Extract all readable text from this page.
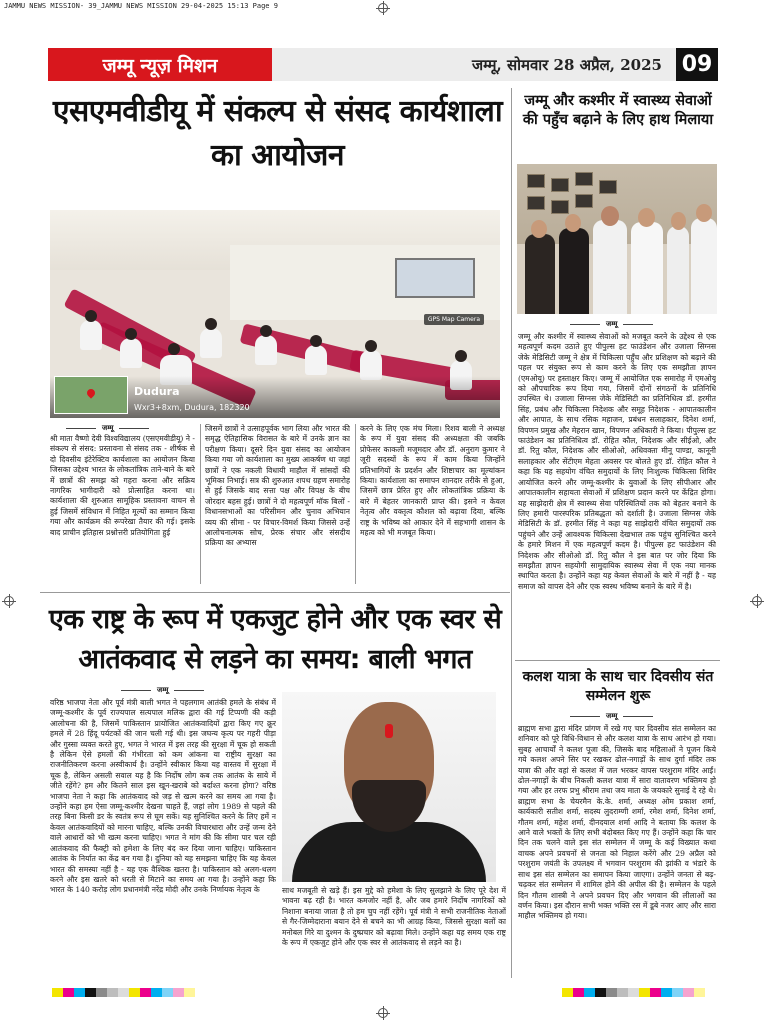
JAMMU NEWS MISSION- 39_JAMMU NEWS MISSION 29-04-2025 15:13 Page 9
जम्मू न्यूज़ मिशन	जम्मू, सोमवार 28 अप्रैल, 2025 09
एसएमवीडीयू में संकल्प से संसद कार्यशाला का आयोजन
Dudura
Wxr3+8xm, Dudura, 182320
GPS Map Camera
जम्मू
श्री माता वैष्णो देवी विश्वविद्यालय (एसएमवीडीयू) ने - संकल्प से संसद: प्रस्तावना से संसद तक - शीर्षक से दो दिवसीय इंटेरेक्टिव कार्यशाला का आयोजन किया जिसका उद्देश्य भारत के लोकतांत्रिक ताने-बाने के बारे में छात्रों की समझ को गहरा करना और सक्रिय नागरिक भागीदारी को प्रोत्साहित करना था। कार्यशाला की शुरुआत सामूहिक प्रस्तावना वाचन से हुई जिसमें संविधान में निहित मूल्यों का सम्मान किया गया और कार्यक्रम की रूपरेखा तैयार की गई। इसके बाद प्राचीन इतिहास प्रश्नोत्तरी प्रतियोगिता हुई
जिसमें छात्रों ने उत्साहपूर्वक भाग लिया और भारत की समृद्ध ऐतिहासिक विरासत के बारे में उनके ज्ञान का परीक्षण किया। दूसरे दिन युवा संसद का आयोजन किया गया जो कार्यशाला का मुख्य आकर्षण था जहां छात्रों ने एक नकली विधायी माहौल में सांसदों की भूमिका निभाई। सत्र की शुरुआत शपथ ग्रहण समारोह से हुई जिसके बाद सत्ता पक्ष और विपक्ष के बीच जोरदार बहस हुई। छात्रों ने दो महत्वपूर्ण मॉक बिलों - विधानसभाओं का परिसीमन और चुनाव अभियान व्यय की सीमा - पर विचार-विमर्श किया जिससे उन्हें आलोचनात्मक सोच, प्रेरक संचार और संसदीय प्रक्रिया का अभ्यास
करने के लिए एक मंच मिला। रिशव बाली ने अध्यक्ष के रूप में युवा संसद की अध्यक्षता की जबकि प्रोफेसर काकली मजूमदार और डॉ. अनुराग कुमार ने जूरी सदस्यों के रूप में काम किया जिन्होंने प्रतिभागियों के प्रदर्शन और शिष्टाचार का मूल्यांकन किया। कार्यशाला का समापन शानदार तरीके से हुआ, जिसमें छात्र प्रेरित हुए और लोकतांत्रिक प्रक्रिया के बारे में बेहतर जानकारी प्राप्त की। इसने न केवल नेतृत्व और वक्तृत्व कौशल को बढ़ावा दिया, बल्कि राष्ट्र के भविष्य को आकार देने में सहभागी शासन के महत्व को भी मजबूत किया।
जम्मू और कश्मीर में स्वास्थ्य सेवाओं की पहुँच बढ़ाने के लिए हाथ मिलाया
जम्मू
जम्मू और कश्मीर में स्वास्थ्य सेवाओं को मजबूत करने के उद्देश्य से एक महत्वपूर्ण कदम उठाते हुए पीपुल्स हट फाउंडेशन और उजाला सिग्नस जेके मेडिसिटी जम्मू ने क्षेत्र में चिकित्सा पहुँच और प्रशिक्षण को बढ़ाने की पहल पर संयुक्त रूप से काम करने के लिए एक समझौता ज्ञापन (एमओयू) पर हस्ताक्षर किए। जम्मू में आयोजित एक समारोह में एमओयू को औपचारिक रूप दिया गया, जिसमें दोनों संगठनों के प्रतिनिधि उपस्थित थे। उजाला सिग्नस जेके मेडिसिटी का प्रतिनिधित्व डॉ. हरमीत सिंह, प्रबंध और चिकित्सा निदेशक और समूह निदेशक - आपातकालीन और आपात, के साथ रसिक महाजन, प्रबंधन सलाहकार, दिनेश शर्मा, विपणन प्रमुख और मेहरान खान, विपणन अधिकारी ने किया। पीपुल्स हट फाउंडेशन का प्रतिनिधित्व डॉ. रोहित कौल, निदेशक और सीईओ, और डॉ. रितु कौल, निदेशक और सीओओ, अधिवक्ता मीनू पाण्डा, कानूनी सलाहकार और सेंटीएम मेहता अवसर पर बोलते हुए डॉ. रोहित कौल ने कहा कि यह सहयोग वंचित समुदायों के लिए निःशुल्क चिकित्सा शिविर आयोजित करने और जम्मू-कश्मीर के युवाओं के लिए सीपीआर और आपातकालीन सहायता सेवाओं में प्रशिक्षण प्रदान करने पर केंद्रित होगा। यह साझेदारी क्षेत्र में स्वास्थ्य सेवा परिस्थितियों तक को बेहतर बनाने के लिए हमारी पारस्परिक प्रतिबद्धता को दर्शाती है। उजाला सिग्नस जेके मेडिसिटी के डॉ. हरमीत सिंह ने कहा यह साझेदारी वंचित समुदायों तक पहुंचने और उन्हें आवश्यक चिकित्सा देखभाल तक पहुंच सुनिश्चित करने के हमारे मिशन में एक महत्वपूर्ण कदम है। पीपुल्स हट फाउंडेशन की निदेशक और सीओओ डॉ. रितु कौल ने इस बात पर जोर दिया कि समझौता ज्ञापन सहयोगी सामुदायिक स्वास्थ्य सेवा में एक नया मानक स्थापित करता है। उन्होंने कहा यह केवल सेवाओं के बारे में नहीं है - यह समाज को वापस देने और एक स्वस्थ भविष्य बनाने के बारे में है।
एक राष्ट्र के रूप में एकजुट होने और एक स्वर से आतंकवाद से लड़ने का समय: बाली भगत
जम्मू
वरिष्ठ भाजपा नेता और पूर्व मंत्री बाली भगत ने पहलगाम आतंकी हमले के संबंध में जम्मू-कश्मीर के पूर्व राज्यपाल सत्यपाल मलिक द्वारा की गई टिप्पणी की कड़ी आलोचना की है, जिसमें पाकिस्तान प्रायोजित आतंकवादियों द्वारा किए गए क्रूर हमले में 28 हिंदू पर्यटकों की जान चली गई थी। इस जघन्य कृत्य पर गहरी पीड़ा और गुस्सा व्यक्त करते हुए, भगत ने भारत में इस तरह की सुरक्षा में चूक हो सकती है लेकिन ऐसे हमलों की गंभीरता को कम आंकना या राष्ट्रीय सुरक्षा का राजनीतिकरण करना अस्वीकार्य है। उन्होंने स्वीकार किया यह वास्तव में सुरक्षा में चूक है, लेकिन असली सवाल यह है कि निर्दोष लोग कब तक आतंक के साये में जीते रहेंगे? हम और कितने साल इस खून-खराबे को बर्दाश्त करना होगा? वरिष्ठ भाजपा नेता ने कहा कि आतंकवाद को जड़ से खत्म करने का समय आ गया है। उन्होंने कहा हम ऐसा जम्मू-कश्मीर देखना चाहते हैं, जहां लोग 1989 से पहले की तरह बिना किसी डर के स्वतंत्र रूप से घूम सकें। यह सुनिश्चित करने के लिए हमें न केवल आतंकवादियों को मारना चाहिए, बल्कि उनकी विचारधारा और उन्हें जन्म देने वाले आधारों को भी खत्म करना चाहिए। भगत ने मांग की कि सीमा पार चल रही आतंकवाद की फैक्ट्री को हमेशा के लिए बंद कर दिया जाना चाहिए। पाकिस्तान आतंक के निर्यात का केंद्र बन गया है। दुनिया को यह समझना चाहिए कि यह केवल भारत की समस्या नहीं है - यह एक वैश्विक खतरा है। पाकिस्तान को अलग-थलग करने और इस खतरे को धरती से मिटाने का समय आ गया है। उन्होंने कहा कि भारत के 140 करोड़ लोग प्रधानमंत्री नरेंद्र मोदी और उनके निर्णायक नेतृत्व के	साथ मजबूती से खड़े हैं। इस मुद्दे को हमेशा के लिए सुलझाने के लिए पूरे देश में भावना बढ़ रही है। भारत कमजोर नहीं है, और जब हमारे निर्दोष नागरिकों को निशाना बनाया जाता है तो हम चुप नहीं रहेंगे। पूर्व मंत्री ने सभी राजनीतिक नेताओं से गैर-जिम्मेदाराना बयान देने से बचने का भी आग्रह किया, जिससे सुरक्षा बलों का मनोबल गिरे या दुश्मन के दुष्प्रचार को बढ़ावा मिले। उन्होंने कहा यह समय एक राष्ट्र के रूप में एकजुट होने और एक स्वर से आतंकवाद से लड़ने का है।
कलश यात्रा के साथ चार दिवसीय संत सम्मेलन शुरू
जम्मू
ब्राह्मण सभा द्वारा मंदिर प्रांगण में रखे गए चार दिवसीय संत सम्मेलन का शनिवार को पूरे विधि-विधान से और कलश यात्रा के साथ आरंभ हो गया। सुबह आचार्यों ने कलश पूजा की, जिसके बाद महिलाओं ने पूजन किये गये कलश अपने सिर पर रखकर ढोल-नगाड़ों के साथ दुर्गा मंदिर तक यात्रा की और वहां से कलश में जल भरकर वापस परशुराम मंदिर आईं। ढोल-नगाड़ों के बीच निकली कलश यात्रा में सारा वातावरण भक्तिमय हो गया और हर तरफ प्रभु श्रीराम तथा जय माता के जयकारे सुनाई दे रहे थे। ब्राह्मण सभा के चेयरमैन के.के. शर्मा, अध्यक्ष ओम प्रकाश शर्मा, कार्यकारी सतीश शर्मा, सदस्य लुदराम्णी शर्मा, रमेश शर्मा, दिनेश शर्मा, गौतम शर्मा, महेश शर्मा, दीनदयाल शर्मा आदि ने बताया कि कलश के आने वाले भक्तों के लिए सभी बंदोबस्त किए गए हैं। उन्होंने कहा कि चार दिन तक चलने वाले इस संत सम्मेलन में जम्मू के कई विख्यात कथा वाचक अपने प्रवचनों से जनता को निहाल करेंगे और 29 अप्रैल को परशुराम जयंती के उपलक्ष्य में भगवान परशुराम की झांकी व भंडारे के साथ इस संत सम्मेलन का समापन किया जाएगा। उन्होंने जनता से बढ़-चढ़कर संत सम्मेलन में शामिल होने की अपील की है। सम्मेलन के पहले दिन गौतम शास्त्री ने अपने प्रवचन दिए और भगवान की लीलाओं का वर्णन किया। इस दौरान सभी भक्त भक्ति रस में डूबे नजर आए और सारा माहौल भक्तिमय हो गया।
